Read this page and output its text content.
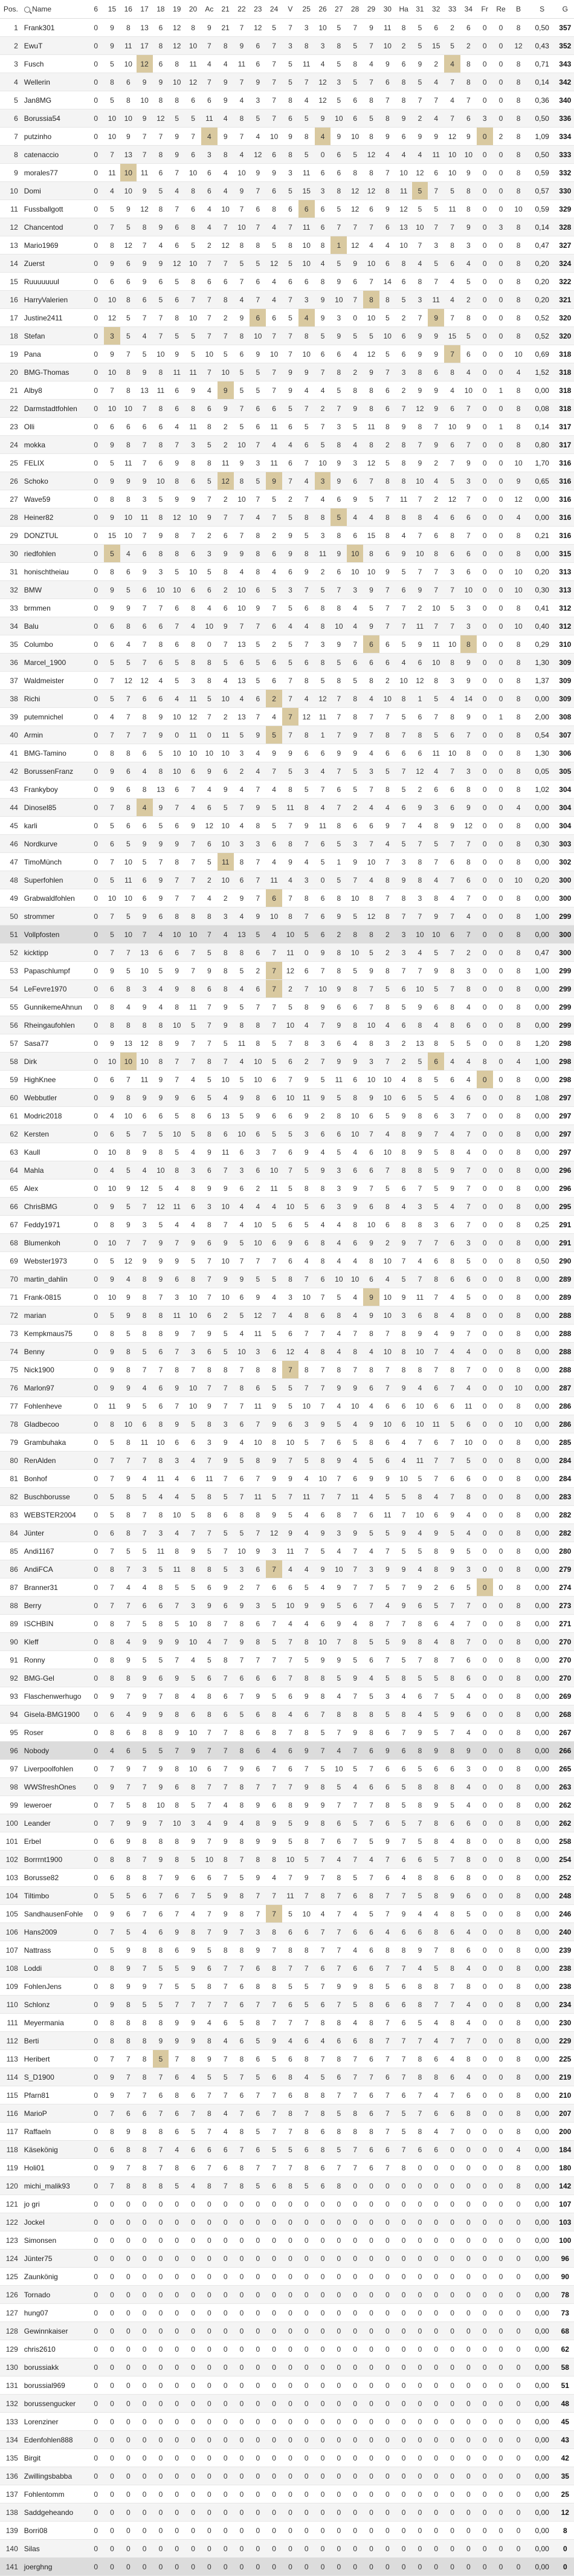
Pos.	Name	6	15	16	17	18	19	20	Ac	21	22	23	24	V	25	26	27	28	29	30	Ha	31	32	33	34	Fr	Re	B	S	G
1	Frank301	0	9	8	13	6	12	8	9	21	7	12	5	7	3	10	5	7	9	11	8	5	6	2	6	0	0	8	0,50	357
2	EwuT	0	9	11	17	8	12	10	7	8	9	6	7	3	8	3	8	5	7	10	2	5	15	5	2	0	0	12	0,43	352
3	Fusch	0	5	10	12	6	8	11	4	4	11	6	7	5	11	4	5	8	4	9	6	9	2	4	8	0	0	8	0,71	343
4	Wellerin	0	8	6	9	9	10	12	7	9	7	9	7	5	7	12	3	5	7	6	8	5	4	7	8	0	0	8	0,14	342
5	Jan8MG	0	5	8	10	8	8	6	6	9	4	3	7	8	4	12	5	6	8	7	8	7	7	4	7	0	0	8	0,36	340
6	Borussia54	0	10	10	9	12	5	5	11	4	8	5	7	6	5	9	10	6	5	8	9	2	4	7	6	3	0	8	0,50	336
7	putzinho	0	10	9	7	7	9	7	4	9	7	4	10	9	8	4	9	10	8	9	6	9	9	12	9	0	2	8	1,09	334
8	catenaccio	0	7	13	7	8	9	6	3	8	4	12	6	8	5	0	6	5	12	4	4	4	11	10	10	0	0	8	0,50	333
9	morales77	0	11	10	11	6	7	10	6	4	10	9	9	3	11	6	6	8	8	7	10	12	6	10	9	0	0	8	0,59	332
10	Domi	0	4	10	9	5	4	8	6	4	9	7	6	5	15	3	8	12	12	8	11	5	7	5	8	0	0	8	0,57	330
11	Fussballgott	0	5	9	12	8	7	6	4	10	7	6	8	6	6	6	5	12	6	9	12	5	5	11	8	0	0	10	0,59	329
12	Chancentod	0	7	5	8	9	6	8	4	7	10	7	4	7	11	6	7	7	7	6	13	10	7	7	9	0	3	8	0,14	328
13	Mario1969	0	8	12	7	4	6	5	2	12	8	8	5	8	10	8	1	12	4	4	10	7	3	8	3	0	0	8	0,47	327
14	Zuerst	0	9	6	9	9	12	10	7	7	5	5	12	5	10	4	5	9	10	6	8	4	5	6	4	0	0	8	0,20	324
15	Ruuuuuuul	0	6	6	9	6	5	8	6	6	7	6	4	6	6	8	9	6	7	14	6	8	7	4	5	0	0	8	0,20	322
16	HarryValerien	0	10	8	6	5	6	7	7	8	4	7	4	7	3	9	10	7	8	8	5	3	11	4	2	0	0	8	0,20	321
17	Justine2411	0	12	5	7	7	8	10	7	2	9	6	6	5	4	9	3	0	10	5	2	7	9	7	8	0	0	8	0,52	320
18	Stefan	0	3	5	4	7	5	5	7	7	8	10	7	7	8	5	9	5	5	10	6	9	9	15	5	0	0	8	0,52	320
19	Pana	0	9	7	5	10	9	5	10	5	6	9	10	7	10	6	6	4	12	5	6	9	9	7	6	0	0	10	0,69	318
20	BMG-Thomas	0	10	8	9	8	11	11	7	10	5	5	7	9	9	7	8	2	9	7	3	8	6	8	4	0	0	4	1,52	318
21	Alby8	0	7	8	13	11	6	9	4	9	5	5	7	9	4	4	5	8	8	6	2	9	9	4	10	0	1	8	0,00	318
22	Darmstadtfohlen	0	10	10	7	8	6	8	6	9	7	6	6	5	7	2	7	9	8	6	7	12	9	6	7	0	0	8	0,08	318
23	Olli	0	6	6	6	6	4	11	8	2	5	6	11	6	5	7	3	5	11	8	9	8	7	10	9	0	1	8	0,14	317
24	mokka	0	9	8	7	8	7	3	5	2	10	7	4	4	6	5	8	4	8	2	8	7	9	6	7	0	0	8	0,80	317
25	FELIX	0	5	11	7	6	9	8	8	11	9	3	11	6	7	10	9	3	12	5	8	9	2	7	9	0	0	10	1,70	316
26	Schoko	0	9	9	9	10	8	6	5	12	8	5	9	7	4	3	9	6	7	8	8	10	4	5	3	0	0	9	0,65	316
27	Wave59	0	8	8	3	5	9	9	7	2	10	7	5	2	7	4	6	9	5	7	11	7	2	12	7	0	0	12	0,00	316
28	Heiner82	0	9	10	11	8	12	10	9	7	7	4	7	5	8	8	5	4	4	8	8	8	4	6	6	0	0	4	0,00	316
29	DONZTUL	0	15	10	7	9	8	7	2	6	7	8	2	9	5	3	8	6	15	8	4	7	6	8	7	0	0	8	0,21	316
30	riedfohlen	0	5	4	6	8	8	6	3	9	9	8	6	9	8	11	9	10	8	6	9	10	8	6	6	0	0	8	0,00	315
31	honischtheiau	0	8	6	9	3	5	10	5	8	4	8	4	6	9	2	6	10	10	9	5	7	7	3	6	0	0	10	0,20	313
32	BMW	0	9	5	6	10	10	6	6	2	10	6	5	3	7	5	7	3	9	7	6	9	7	7	10	0	0	10	0,30	313
33	brmmen	0	9	9	7	7	6	8	4	6	10	9	7	5	6	8	8	4	5	7	7	2	10	5	3	0	0	8	0,41	312
34	Balu	0	6	8	6	6	7	4	10	9	7	7	6	4	4	8	10	4	9	7	7	11	7	7	3	0	0	10	0,40	312
35	Columbo	0	6	4	7	8	6	8	0	7	13	5	2	5	7	3	9	7	6	6	5	9	11	10	8	0	0	8	0,29	310
36	Marcel_1900	0	5	5	7	6	5	8	8	5	6	5	6	5	6	8	5	6	6	6	4	6	10	8	9	0	0	8	1,30	309
37	Waldmeister	0	7	12	12	4	5	3	8	4	13	5	6	7	8	5	8	5	8	2	10	12	8	3	9	0	0	8	1,37	309
38	Richi	0	5	7	6	6	4	11	5	10	4	6	2	7	4	12	7	8	4	10	8	1	5	4	14	0	0	8	0,00	309
39	putemnichel	0	4	7	8	9	10	12	7	2	13	7	4	7	12	11	7	8	7	7	5	6	7	8	9	0	1	8	2,00	308
40	Armin	0	7	7	7	9	0	11	0	11	5	9	5	7	8	1	7	9	7	8	7	8	5	6	7	0	0	8	0,54	307
41	BMG-Tamino	0	8	8	6	5	10	10	10	10	3	4	9	9	6	6	9	9	4	6	6	6	11	10	8	0	0	8	1,30	306
42	BorussenFranz	0	9	6	4	8	10	6	9	6	2	4	7	5	3	4	7	5	3	5	7	12	4	7	3	0	0	8	0,05	305
43	Frankyboy	0	9	6	8	13	6	7	4	9	4	7	4	8	5	7	6	5	7	8	5	2	6	6	8	0	0	8	1,02	304
44	Dinosel85	0	7	8	4	9	7	4	6	5	7	9	5	11	8	4	7	2	4	4	6	9	3	6	9	0	0	4	0,00	304
45	karli	0	5	6	6	5	6	9	12	10	4	8	5	7	9	11	8	6	6	9	7	4	8	9	12	0	0	8	0,00	304
46	Nordkurve	0	6	5	9	9	9	7	6	10	3	3	6	8	7	6	5	3	7	4	5	7	5	7	7	0	0	8	0,30	303
47	TimoMünch	0	7	10	5	7	8	7	5	11	8	7	4	9	4	5	1	9	10	7	3	8	7	6	8	0	0	8	0,00	302
48	Superfohlen	0	5	11	6	9	7	7	2	10	6	7	11	4	3	0	5	7	4	8	9	8	4	7	6	0	0	10	0,20	300
49	Grabwaldfohlen	0	10	10	6	9	7	7	4	2	9	7	6	7	8	6	8	10	8	7	8	3	8	4	7	0	0	8	0,00	300
50	strommer	0	7	5	9	6	8	8	8	3	4	9	10	8	7	6	9	5	12	8	7	7	9	7	4	0	0	8	1,00	299
51	Vollpfosten	0	5	10	7	4	10	10	7	4	13	5	4	10	5	6	2	8	8	2	3	10	10	6	7	0	0	8	0,00	300
52	kicktipp	0	7	7	13	6	6	7	5	8	8	6	7	11	0	9	8	10	5	2	3	4	5	7	2	0	0	8	0,47	300
53	Papaschlumpf	0	9	5	10	5	9	7	9	8	5	2	7	12	6	7	8	5	9	8	7	7	9	8	3	0	0	8	1,00	299
54	LeFevre1970	0	6	8	3	4	9	8	6	8	4	6	7	2	7	10	9	8	7	5	6	10	5	7	8	0	0	8	0,00	299
55	GunnikemeAhnun	0	8	4	9	4	8	11	7	9	5	7	7	5	8	9	6	6	7	8	5	9	6	8	4	0	0	8	0,00	299
56	Rheingaufohlen	0	8	8	8	8	10	5	7	9	8	8	7	10	4	7	9	8	10	4	6	8	4	8	6	0	0	8	0,00	299
57	Sasa77	0	9	13	12	8	9	7	7	5	11	8	5	7	8	3	6	4	8	3	2	13	8	5	5	0	0	8	1,20	298
58	Dirk	0	10	10	10	8	7	7	8	7	4	10	5	6	2	7	9	9	3	7	2	5	6	4	4	8	0	4	1,00	298
59	HighKnee	0	6	7	11	9	7	4	5	10	5	10	6	7	9	5	11	6	10	10	4	8	5	6	4	0	0	8	0,00	298
60	Webbutler	0	9	8	9	9	9	6	5	4	9	8	6	10	11	9	5	8	9	10	6	5	5	4	6	0	0	8	1,08	297
61	Modric2018	0	4	10	6	6	5	8	6	13	5	9	6	6	9	2	8	10	6	5	9	8	6	3	7	0	0	8	0,00	297
62	Kersten	0	6	5	7	5	10	5	8	6	10	6	5	5	3	6	6	10	7	4	8	9	7	4	7	0	0	8	0,00	297
63	Kaull	0	10	8	9	8	5	4	9	11	6	3	7	6	9	4	5	4	6	10	8	9	5	8	4	0	0	8	0,00	297
64	Mahla	0	4	5	4	10	8	3	6	7	3	6	10	7	5	9	3	6	6	7	8	8	5	9	7	0	0	8	0,00	296
65	Alex	0	10	9	12	5	4	8	9	9	6	2	11	5	8	8	3	9	7	5	6	7	5	9	7	0	0	8	0,00	296
66	ChrisBMG	0	9	5	7	12	11	6	3	10	4	4	4	10	5	6	3	9	6	8	4	3	5	4	7	0	0	8	0,00	295
67	Feddy1971	0	8	9	3	5	4	4	8	7	4	10	5	6	5	4	4	8	10	6	8	8	3	6	7	0	0	8	0,25	291
68	Blumenkoh	0	10	7	7	9	7	9	6	9	5	10	6	9	6	8	4	6	9	2	9	7	7	6	3	0	0	8	0,00	291
69	Webster1973	0	5	12	9	9	9	5	7	10	7	7	7	6	4	8	4	4	8	10	7	4	6	8	5	0	0	8	0,50	290
70	martin_dahlin	0	9	4	8	9	6	8	7	9	9	5	5	8	7	6	10	10	6	4	5	7	8	6	6	0	0	8	0,00	289
71	Frank-0815	0	10	9	8	7	3	10	7	10	6	9	4	3	10	7	5	4	9	10	9	11	7	4	5	0	0	8	0,00	289
72	marian	0	5	9	8	8	11	10	6	2	5	12	7	4	8	6	8	4	9	10	3	6	8	4	8	0	0	8	0,00	288
73	Kempkmaus75	0	8	5	8	8	9	7	9	5	4	11	5	6	7	7	4	7	8	7	8	9	4	9	7	0	0	8	0,00	288
74	Benny	0	9	8	5	6	7	3	6	5	10	3	6	12	4	8	4	8	4	10	8	10	7	4	4	0	0	8	0,00	288
75	Nick1900	0	9	8	7	7	8	7	8	8	7	8	8	7	8	7	8	7	8	7	8	8	7	8	7	0	0	8	0,00	288
76	Marlon97	0	9	9	4	6	9	10	7	7	8	6	5	5	7	7	9	9	6	7	9	4	6	7	4	0	0	10	0,00	287
77	Fohlenheve	0	11	9	5	6	7	10	9	7	7	11	9	5	10	7	4	10	4	6	6	10	6	6	11	0	0	8	0,00	286
78	Gladbecoo	0	8	10	6	8	9	5	8	3	6	7	9	6	3	9	5	4	9	10	6	10	11	5	6	0	0	10	0,00	286
79	Grambuhaka	0	5	8	11	10	6	6	3	9	4	10	8	10	5	7	6	5	8	6	4	7	6	7	10	0	0	8	0,00	285
80	RenAlden	0	7	7	7	8	3	4	7	9	5	8	9	7	5	8	9	4	5	6	4	11	7	7	5	0	0	8	0,00	284
81	Bonhof	0	7	9	4	11	4	6	11	7	6	7	9	9	4	10	7	6	9	9	10	5	7	6	6	0	0	8	0,00	284
82	Buschborusse	0	5	8	5	4	4	5	8	5	7	11	5	7	11	7	7	11	4	5	5	8	4	7	8	0	0	8	0,00	283
83	WEBSTER2004	0	5	8	7	8	10	5	8	6	8	8	9	5	4	6	8	7	6	11	7	10	6	9	4	0	0	8	0,00	282
84	Jünter	0	6	8	7	3	4	7	7	5	5	7	12	9	4	9	3	9	5	5	9	4	9	5	4	0	0	8	0,00	282
85	Andi1167	0	7	5	5	11	8	9	5	7	10	9	3	11	7	5	4	7	4	7	5	5	8	9	5	0	0	8	0,00	280
86	AndiFCA	0	8	7	3	5	11	8	8	5	3	6	7	4	4	9	10	7	3	9	9	4	8	9	3	0	0	8	0,00	279
87	Branner31	0	7	4	4	8	5	5	6	9	2	7	6	6	5	4	9	7	7	5	7	9	2	6	5	0	0	8	0,00	274
88	Berry	0	7	7	6	6	7	3	9	6	9	3	5	10	9	9	5	6	7	4	9	6	5	7	7	0	0	8	0,00	273
89	ISCHBIN	0	8	7	5	8	5	10	8	7	8	6	7	4	4	6	9	4	8	7	7	8	6	4	7	0	0	8	0,00	271
90	Kleff	0	8	4	9	9	9	10	4	7	9	8	5	7	8	10	7	8	5	5	9	8	4	8	7	0	0	8	0,00	270
91	Ronny	0	8	9	5	5	7	4	5	8	7	7	7	7	5	9	9	5	6	7	5	7	8	7	6	0	0	8	0,00	270
92	BMG-Gel	0	8	8	9	6	9	5	6	7	6	6	6	7	8	8	5	9	4	5	8	5	5	8	6	0	0	8	0,00	270
93	Flaschenwerhugo	0	9	7	9	7	8	4	8	6	7	9	5	6	9	8	4	7	5	3	4	6	7	5	4	0	0	8	0,00	269
94	Gisela-BMG1900	0	6	4	9	9	8	6	8	6	5	6	8	4	6	7	8	8	8	5	8	4	5	9	6	0	0	8	0,00	268
95	Roser	0	8	6	8	8	9	10	7	7	8	6	8	7	8	5	7	9	8	6	7	9	5	7	4	0	0	8	0,00	267
96	Nobody	0	4	6	5	5	7	9	7	7	8	6	4	6	9	7	4	7	6	9	6	8	9	8	9	0	0	8	0,00	266
97	Liverpoolfohlen	0	7	9	7	9	8	10	6	7	9	6	7	6	7	5	10	5	7	6	6	5	6	6	3	0	0	8	0,00	265
98	WWSfreshOnes	0	9	7	7	9	6	8	7	7	8	7	7	7	9	8	5	4	6	6	5	8	8	8	4	0	0	8	0,00	263
99	leweroer	0	7	5	8	10	8	5	7	4	8	9	6	8	9	9	7	7	7	8	5	8	9	5	4	0	0	8	0,00	262
100	Leander	0	7	9	9	7	10	3	4	9	4	8	9	5	9	8	6	5	7	6	5	7	8	6	6	0	0	8	0,00	262
101	Erbel	0	6	9	8	8	8	9	7	9	8	9	9	5	8	7	6	7	5	9	7	5	8	4	8	0	0	8	0,00	258
102	Borrrnt1900	0	8	8	7	9	8	5	10	8	7	8	8	10	5	7	4	7	4	7	6	6	5	7	8	0	0	8	0,00	254
103	Borusse82	0	6	8	8	7	9	6	6	7	5	9	4	7	9	7	8	5	7	6	4	8	8	6	8	0	0	8	0,00	252
104	Tiltimbo	0	5	5	6	7	6	7	5	9	8	7	7	11	7	8	7	6	8	7	7	5	8	9	6	0	0	8	0,00	248
105	SandhausenFohle	0	9	6	7	6	7	4	7	9	8	7	7	5	10	4	7	4	5	7	9	4	4	8	5	0	0	8	0,00	246
106	Hans2009	0	7	5	4	6	9	8	7	9	7	3	8	6	6	7	7	6	6	4	6	6	8	6	4	0	0	8	0,00	240
107	Nattrass	0	5	9	8	8	6	9	5	8	8	9	7	8	8	7	7	4	6	8	8	9	7	8	6	0	0	8	0,00	239
108	Loddi	0	8	9	7	5	5	9	6	7	7	6	8	7	7	6	7	6	6	7	7	4	5	8	4	0	0	8	0,00	238
109	FohlenJens	0	8	9	9	7	5	5	8	7	6	8	8	5	5	7	9	9	8	5	6	8	8	7	8	0	0	8	0,00	238
110	Schlonz	0	9	8	5	5	7	7	7	7	6	7	7	6	5	6	7	5	8	6	6	8	7	7	4	0	0	8	0,00	234
111	Meyermania	0	8	8	8	8	9	9	4	6	5	8	7	7	7	8	8	4	8	7	6	5	4	8	4	0	0	8	0,00	230
112	Berti	0	8	8	8	9	9	9	8	4	6	5	9	4	6	4	6	6	8	7	7	7	4	7	7	0	0	8	0,00	229
113	Heribert	0	7	7	8	5	7	8	9	7	8	6	5	6	8	7	8	7	6	7	7	8	6	4	8	0	0	8	0,00	225
114	S_D1900	0	9	7	8	7	6	4	5	5	7	5	6	8	4	5	6	7	7	6	7	8	8	6	4	0	0	8	0,00	219
115	Pfarn81	0	9	7	7	6	8	6	7	7	6	7	7	6	8	8	7	7	6	7	6	7	4	7	6	0	0	8	0,00	210
116	MarioP	0	7	6	6	7	6	7	8	4	7	6	7	8	7	8	5	8	6	7	5	7	6	6	8	0	0	8	0,00	207
117	Raffaeln	0	8	9	8	8	6	5	7	4	8	5	7	7	8	6	8	8	8	7	5	8	4	7	0	0	0	8	0,00	200
118	Käsekönig	0	6	8	8	7	4	6	6	6	7	6	5	5	6	8	5	7	6	6	7	6	6	0	0	0	0	4	0,00	184
119	Holi01	0	9	7	8	7	8	6	7	6	8	7	7	7	8	6	7	7	6	7	8	0	0	0	0	0	0	8	0,00	180
120	michi_malik93	0	7	8	8	8	5	4	8	7	8	5	6	8	5	6	8	0	0	0	0	0	0	0	0	0	0	8	0,00	142
121	jo gri	0	0	0	0	0	0	0	0	0	0	0	0	0	0	0	0	0	0	0	0	0	0	0	0	0	0	0	0,00	107
122	Jockel	0	0	0	0	0	0	0	0	0	0	0	0	0	0	0	0	0	0	0	0	0	0	0	0	0	0	0	0,00	103
123	Simonsen	0	0	0	0	0	0	0	0	0	0	0	0	0	0	0	0	0	0	0	0	0	0	0	0	0	0	0	0,00	100
124	Jünter75	0	0	0	0	0	0	0	0	0	0	0	0	0	0	0	0	0	0	0	0	0	0	0	0	0	0	0	0,00	96
125	Zaunkönig	0	0	0	0	0	0	0	0	0	0	0	0	0	0	0	0	0	0	0	0	0	0	0	0	0	0	0	0,00	90
126	Tornado	0	0	0	0	0	0	0	0	0	0	0	0	0	0	0	0	0	0	0	0	0	0	0	0	0	0	0	0,00	78
127	hung07	0	0	0	0	0	0	0	0	0	0	0	0	0	0	0	0	0	0	0	0	0	0	0	0	0	0	0	0,00	73
128	Gewinnkaiser	0	0	0	0	0	0	0	0	0	0	0	0	0	0	0	0	0	0	0	0	0	0	0	0	0	0	0	0,00	68
129	chris2610	0	0	0	0	0	0	0	0	0	0	0	0	0	0	0	0	0	0	0	0	0	0	0	0	0	0	0	0,00	62
130	borussiakk	0	0	0	0	0	0	0	0	0	0	0	0	0	0	0	0	0	0	0	0	0	0	0	0	0	0	0	0,00	58
131	borussial969	0	0	0	0	0	0	0	0	0	0	0	0	0	0	0	0	0	0	0	0	0	0	0	0	0	0	0	0,00	51
132	borussengucker	0	0	0	0	0	0	0	0	0	0	0	0	0	0	0	0	0	0	0	0	0	0	0	0	0	0	0	0,00	48
133	Lorenziner	0	0	0	0	0	0	0	0	0	0	0	0	0	0	0	0	0	0	0	0	0	0	0	0	0	0	0	0,00	45
134	Edenfohlen888	0	0	0	0	0	0	0	0	0	0	0	0	0	0	0	0	0	0	0	0	0	0	0	0	0	0	0	0,00	43
135	Birgit	0	0	0	0	0	0	0	0	0	0	0	0	0	0	0	0	0	0	0	0	0	0	0	0	0	0	0	0,00	42
136	Zwillingsbabba	0	0	0	0	0	0	0	0	0	0	0	0	0	0	0	0	0	0	0	0	0	0	0	0	0	0	0	0,00	35
137	Fohlentomm	0	0	0	0	0	0	0	0	0	0	0	0	0	0	0	0	0	0	0	0	0	0	0	0	0	0	0	0,00	25
138	Saddgeheando	0	0	0	0	0	0	0	0	0	0	0	0	0	0	0	0	0	0	0	0	0	0	0	0	0	0	0	0,00	12
139	Borri08	0	0	0	0	0	0	0	0	0	0	0	0	0	0	0	0	0	0	0	0	0	0	0	0	0	0	0	0,00	8
140	Silas	0	0	0	0	0	0	0	0	0	0	0	0	0	0	0	0	0	0	0	0	0	0	0	0	0	0	0	0,00	0
141	joerghng	0	0	0	0	0	0	0	0	0	0	0	0	0	0	0	0	0	0	0	0	0	0	0	0	0	0	0	0,00	0
